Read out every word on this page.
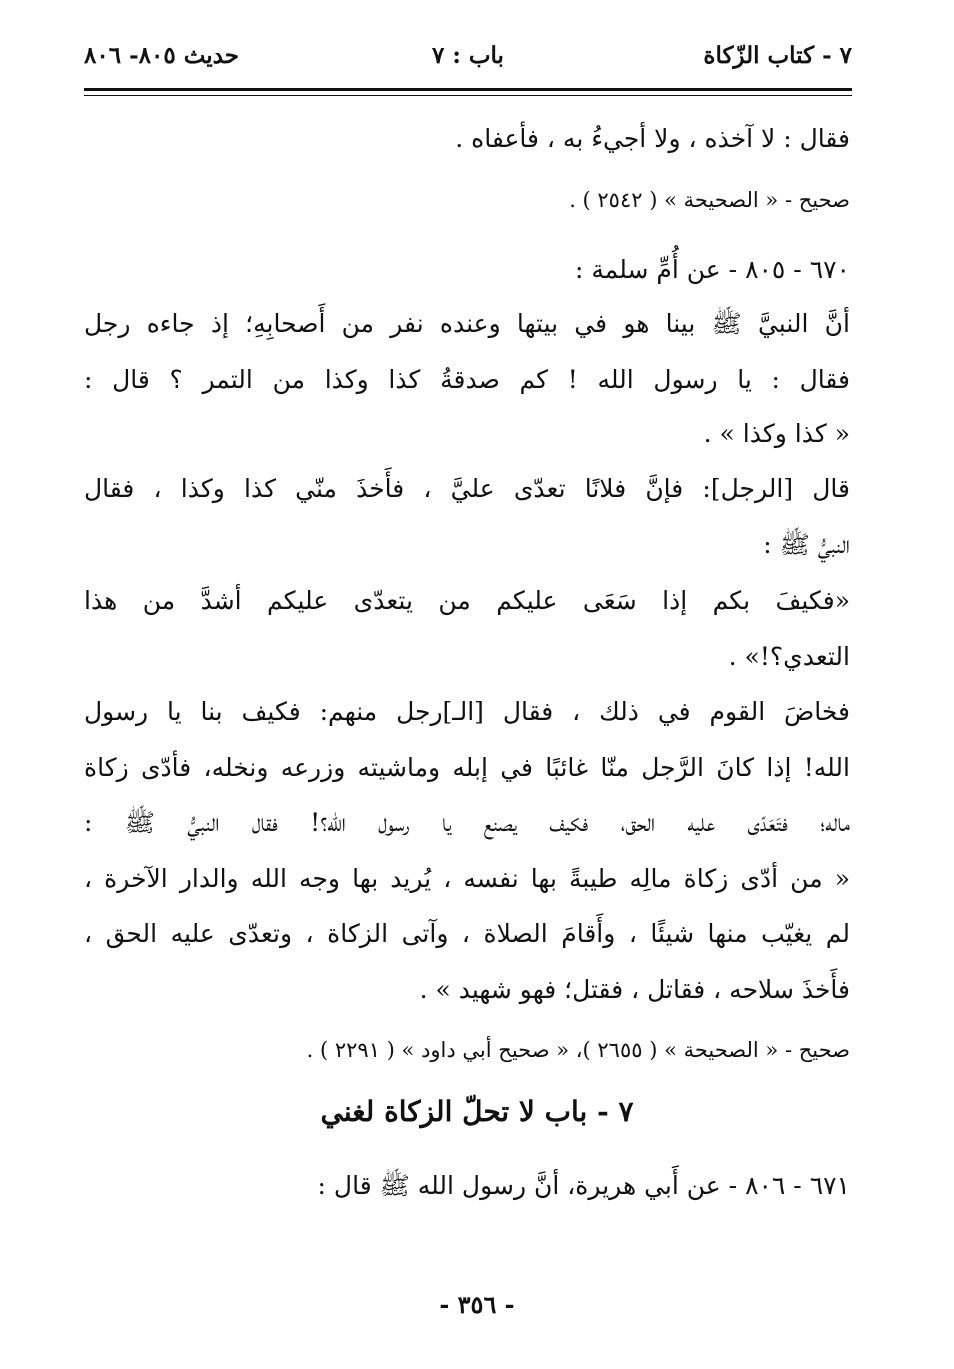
٧ - كتاب الزّكاة
باب : ٧
حديث ٨٠٥- ٨٠٦
فقال : لا آخذه ، ولا أجيءُ به ، فأعفاه .
صحيح - « الصحيحة » ( ٢٥٤٢ ) .
٦٧٠ - ٨٠٥ - عن أُمِّ سلمة :
أنَّ النبيَّ ﷺ بينا هو في بيتها وعنده نفر من أَصحابِهِ؛ إذ جاءه رجل
فقال : يا رسول الله ! كم صدقةُ كذا وكذا من التمر ؟ قال :
« كذا وكذا » .
قال [الرجل]: فإنَّ فلانًا تعدّى عليَّ ، فأَخذَ منّي كذا وكذا ، فقال
النبيُّ ﷺ :
«فكيفَ بكم إذا سَعَى عليكم من يتعدّى عليكم أشدَّ من هذا
التعدي؟!» .
فخاضَ القوم في ذلك ، فقال [الـ]رجل منهم: فكيف بنا يا رسول
الله! إذا كانَ الرَّجل منّا غائبًا في إبله وماشيته وزرعه ونخله، فأدّى زكاة
ماله؛ فتَعَدّى عليه الحق، فكيف يصنع يا رسول الله؟! فقال النبيُّ ﷺ :
« من أدّى زكاة مالِه طيبةً بها نفسه ، يُريد بها وجه الله والدار الآخرة ،
لم يغيّب منها شيئًا ، وأَقامَ الصلاة ، وآتى الزكاة ، وتعدّى عليه الحق ،
فأَخذَ سلاحه ، فقاتل ، فقتل؛ فهو شهيد » .
صحيح - « الصحيحة » ( ٢٦٥٥ )، « صحيح أبي داود » ( ٢٢٩١ ) .
٧ - باب لا تحلّ الزكاة لغني
٦٧١ - ٨٠٦ - عن أَبي هريرة، أنَّ رسول الله ﷺ قال :
- ٣٥٦ -
